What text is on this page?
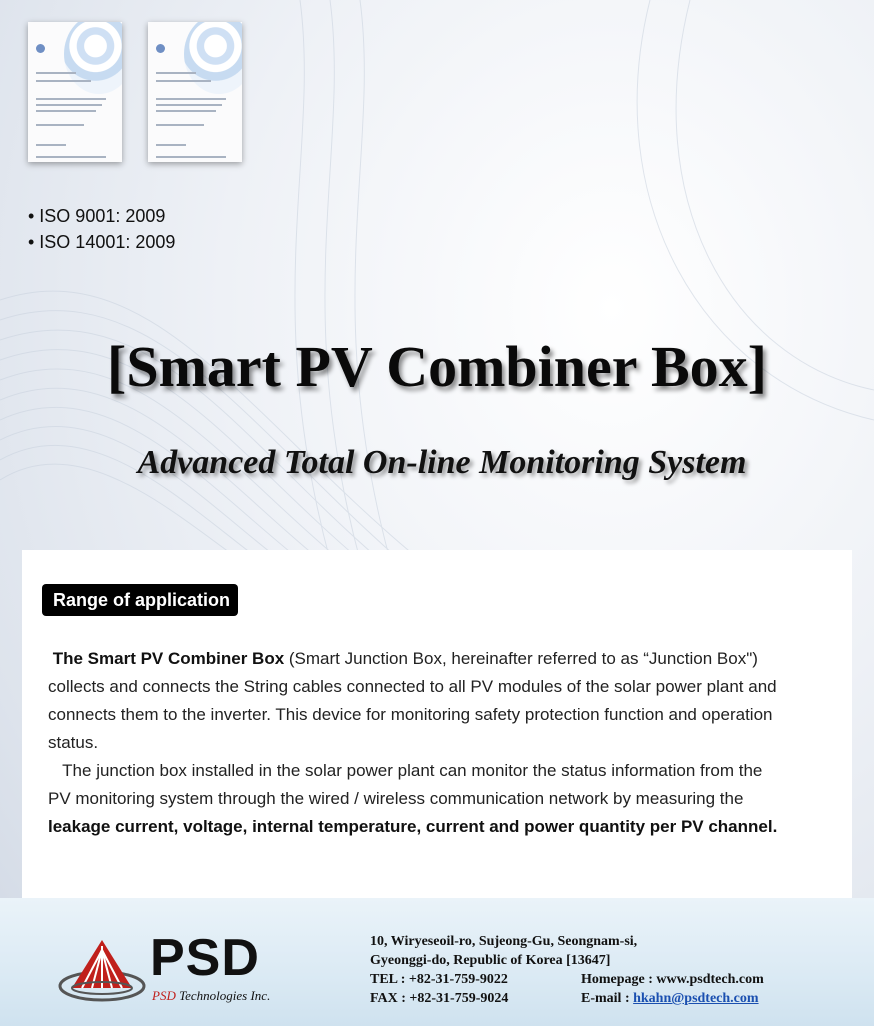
• ISO 9001: 2009
• ISO 14001: 2009
[Smart PV Combiner Box]
Advanced Total On-line Monitoring System
Range of application

The Smart PV Combiner Box (Smart Junction Box, hereinafter referred to as “Junction Box") collects and connects the String cables connected to all PV modules of the solar power plant and connects them to the inverter. This device for monitoring safety protection function and operation status.

The junction box installed in the solar power plant can monitor the status information from the PV monitoring system through the wired / wireless communication network by measuring the leakage current, voltage, internal temperature, current and power quantity per PV channel.

PSD
PSD Technologies Inc.
10, Wiryeseoil-ro, Sujeong-Gu, Seongnam-si,
Gyeonggi-do, Republic of Korea [13647]
TEL : +82-31-759-9022
FAX : +82-31-759-9024
Homepage : www.psdtech.com
E-mail : hkahn@psdtech.com
